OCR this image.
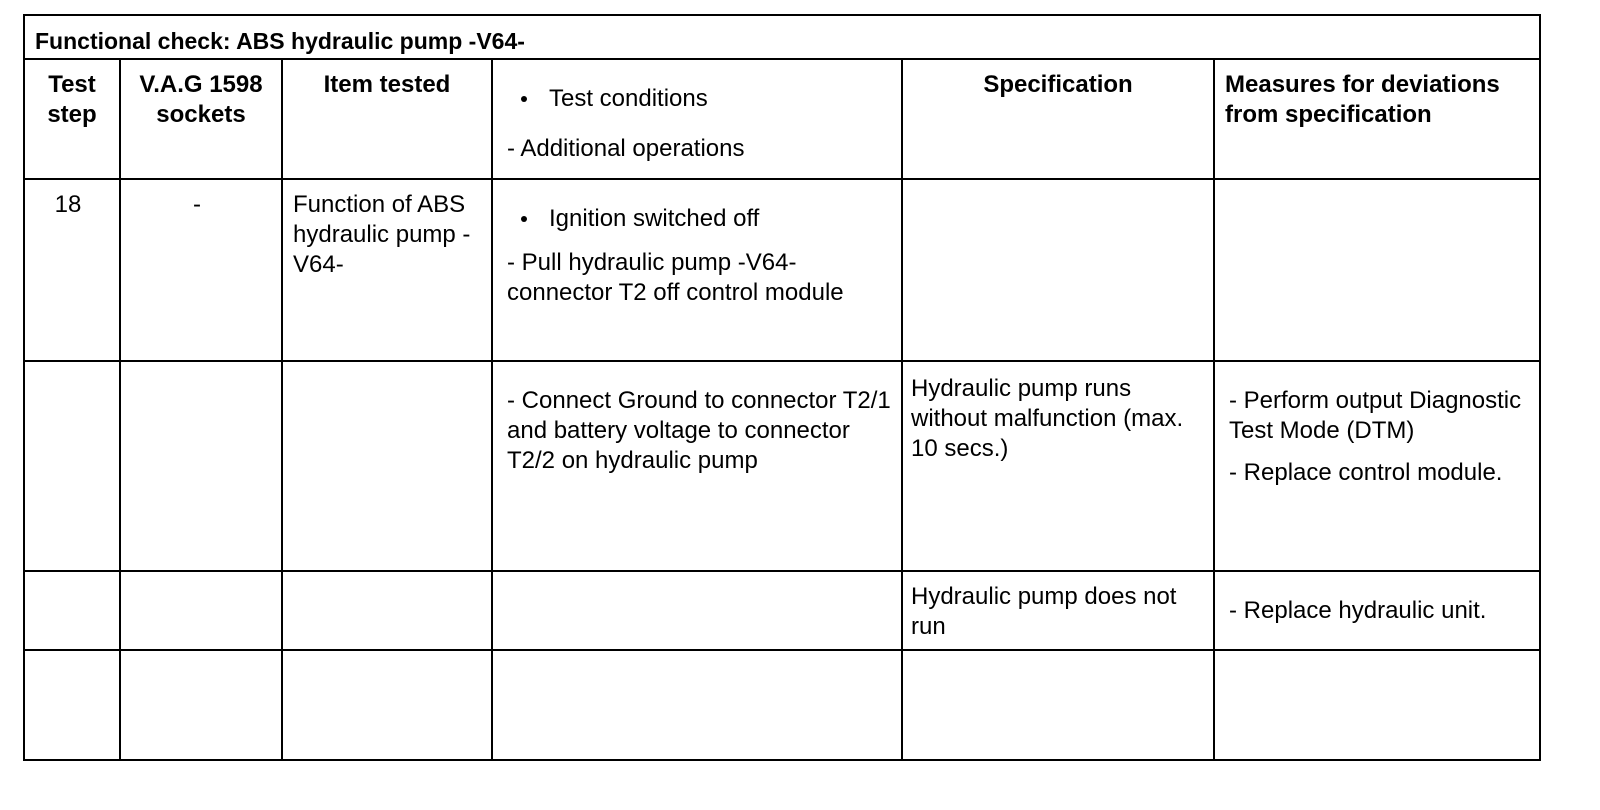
Functional check: ABS hydraulic pump -V64-					
Test step	V.A.G 1598 sockets	Item tested	Test conditions
- Additional operations	Specification	Measures for deviations from specification
18	-	Function of ABS hydraulic pump -V64-	Ignition switched off
- Pull hydraulic pump -V64- connector T2 off control module		

			- Connect Ground to connector T2/1 and battery voltage to connector T2/2 on hydraulic pump	Hydraulic pump runs without malfunction (max. 10 secs.)	- Perform output Diagnostic Test Mode (DTM)
- Replace control module.

				Hydraulic pump does not run	- Replace hydraulic unit.
